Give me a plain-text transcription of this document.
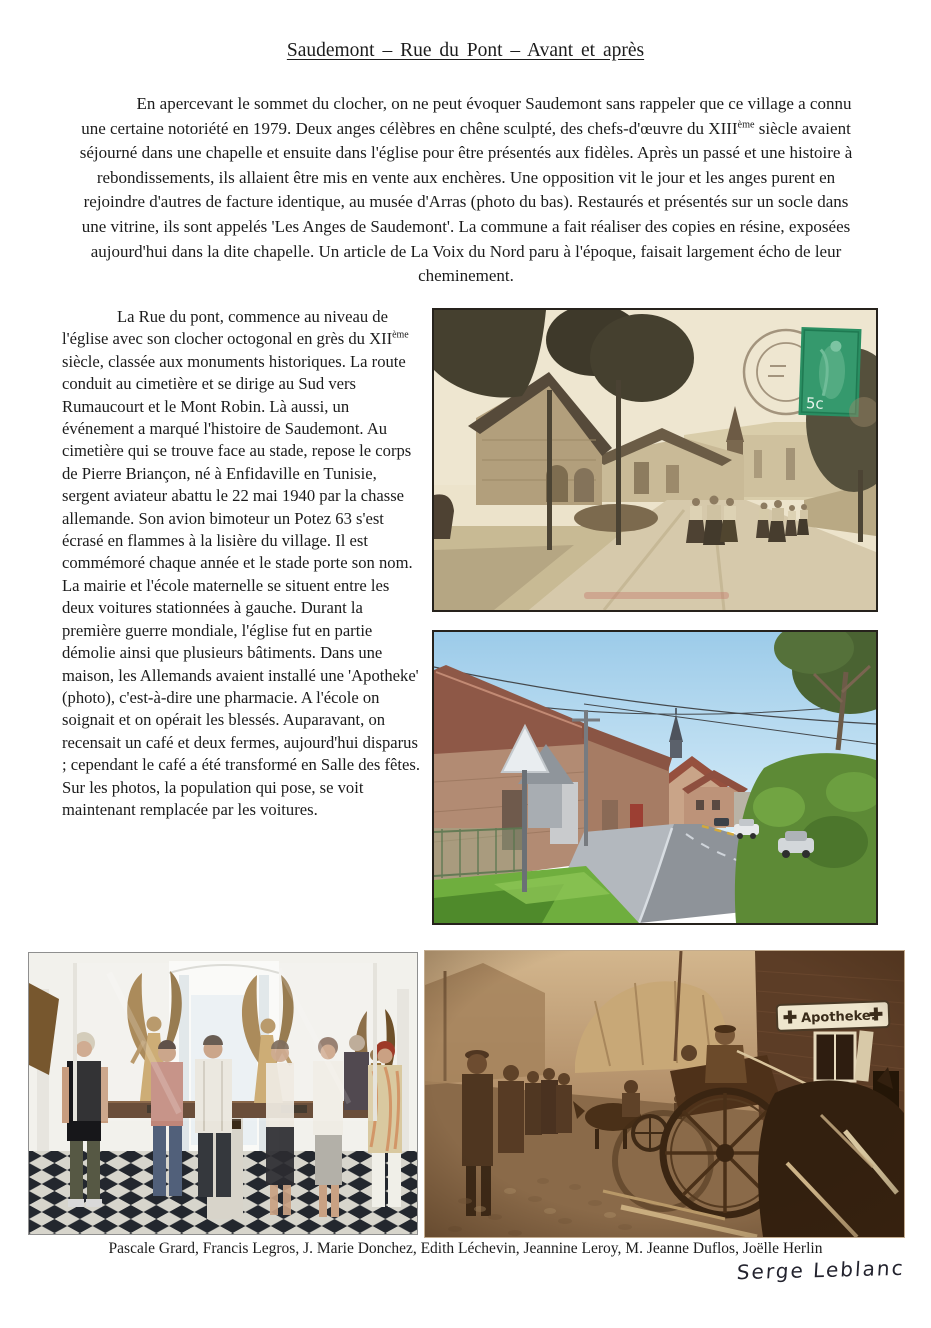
Saudemont – Rue du Pont – Avant et après

En apercevant le sommet du clocher, on ne peut évoquer Saudemont sans rappeler que ce village a connu une certaine notoriété en 1979. Deux anges célèbres en chêne sculpté, des chefs-d'œuvre du XIIIème siècle avaient séjourné dans une chapelle et ensuite dans l'église pour être présentés aux fidèles. Après un passé et une histoire à rebondissements, ils allaient être mis en vente aux enchères. Une opposition vit le jour et les anges purent en rejoindre d'autres de facture identique, au musée d'Arras (photo du bas). Restaurés et présentés sur un socle dans une vitrine, ils sont appelés 'Les Anges de Saudemont'. La commune a fait réaliser des copies en résine, exposées aujourd'hui dans la dite chapelle. Un article de La Voix du Nord paru à l'époque, faisait largement écho de leur cheminement.

La Rue du pont, commence au niveau de l'église avec son clocher octogonal en grès du XIIème siècle, classée aux monuments historiques. La route conduit au cimetière et se dirige au Sud vers Rumaucourt et le Mont Robin. Là aussi, un événement a marqué l'histoire de Saudemont. Au cimetière qui se trouve face au stade, repose le corps de Pierre Briançon, né à Enfidaville en Tunisie, sergent aviateur abattu le 22 mai 1940 par la chasse allemande. Son avion bimoteur un Potez 63 s'est écrasé en flammes à la lisière du village. Il est commémoré chaque année et le stade porte son nom.

La mairie et l'école maternelle se situent entre les deux voitures stationnées à gauche. Durant la première guerre mondiale, l'église fut en partie démolie ainsi que plusieurs bâtiments. Dans une maison, les Allemands avaient installé une 'Apotheke' (photo), c'est-à-dire une pharmacie. A l'école on soignait et on opérait les blessés. Auparavant, on recensait un café et deux fermes, aujourd'hui disparus ; cependant le café a été transformé en Salle des fêtes. Sur les photos, la population qui pose, se voit maintenant remplacée par les voitures.

5c

Pascale Grard, Francis Legros, J. Marie Donchez, Edith Léchevin, Jeannine Leroy, M. Jeanne Duflos, Joëlle Herlin

Serge Leblanc
